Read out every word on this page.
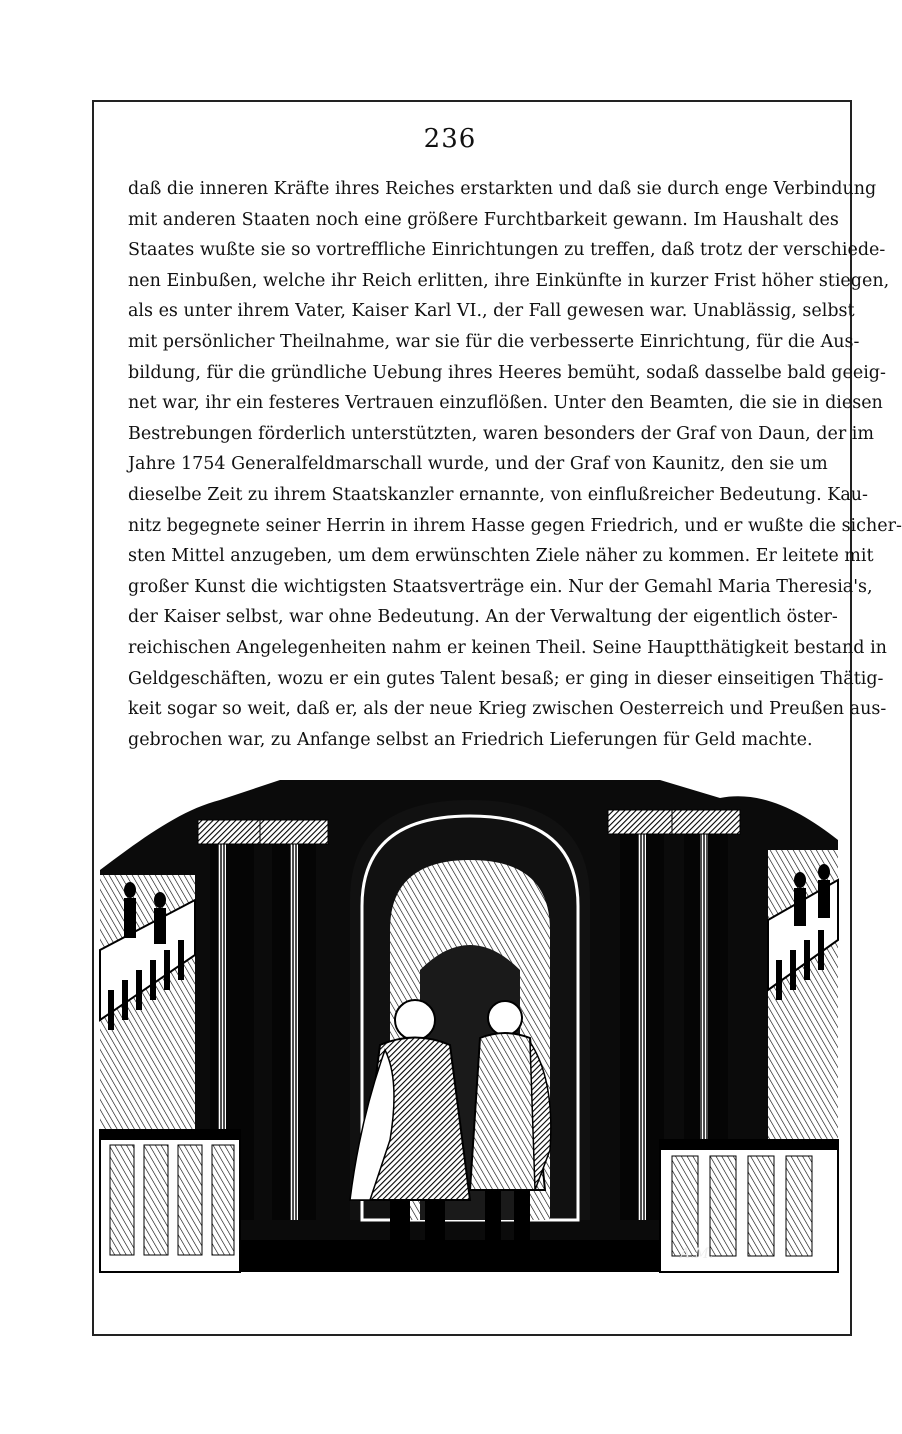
236
daß die inneren Kräfte ihres Reiches erstarkten und daß sie durch enge Verbindung
mit anderen Staaten noch eine größere Furchtbarkeit gewann. Im Haushalt des
Staates wußte sie so vortreffliche Einrichtungen zu treffen, daß trotz der verschiede-
nen Einbußen, welche ihr Reich erlitten, ihre Einkünfte in kurzer Frist höher stiegen,
als es unter ihrem Vater, Kaiser Karl VI., der Fall gewesen war. Unablässig, selbst
mit persönlicher Theilnahme, war sie für die verbesserte Einrichtung, für die Aus-
bildung, für die gründliche Uebung ihres Heeres bemüht, sodaß dasselbe bald geeig-
net war, ihr ein festeres Vertrauen einzuflößen. Unter den Beamten, die sie in diesen
Bestrebungen förderlich unterstützten, waren besonders der Graf von Daun, der im
Jahre 1754 Generalfeldmarschall wurde, und der Graf von Kaunitz, den sie um
dieselbe Zeit zu ihrem Staatskanzler ernannte, von einflußreicher Bedeutung. Kau-
nitz begegnete seiner Herrin in ihrem Hasse gegen Friedrich, und er wußte die sicher-
sten Mittel anzugeben, um dem erwünschten Ziele näher zu kommen. Er leitete mit
großer Kunst die wichtigsten Staatsverträge ein. Nur der Gemahl Maria Theresia's,
der Kaiser selbst, war ohne Bedeutung. An der Verwaltung der eigentlich öster-
reichischen Angelegenheiten nahm er keinen Theil. Seine Hauptthätigkeit bestand in
Geldgeschäften, wozu er ein gutes Talent besaß; er ging in dieser einseitigen Thätig-
keit sogar so weit, daß er, als der neue Krieg zwischen Oesterreich und Preußen aus-
gebrochen war, zu Anfange selbst an Friedrich Lieferungen für Geld machte.
A.M.
